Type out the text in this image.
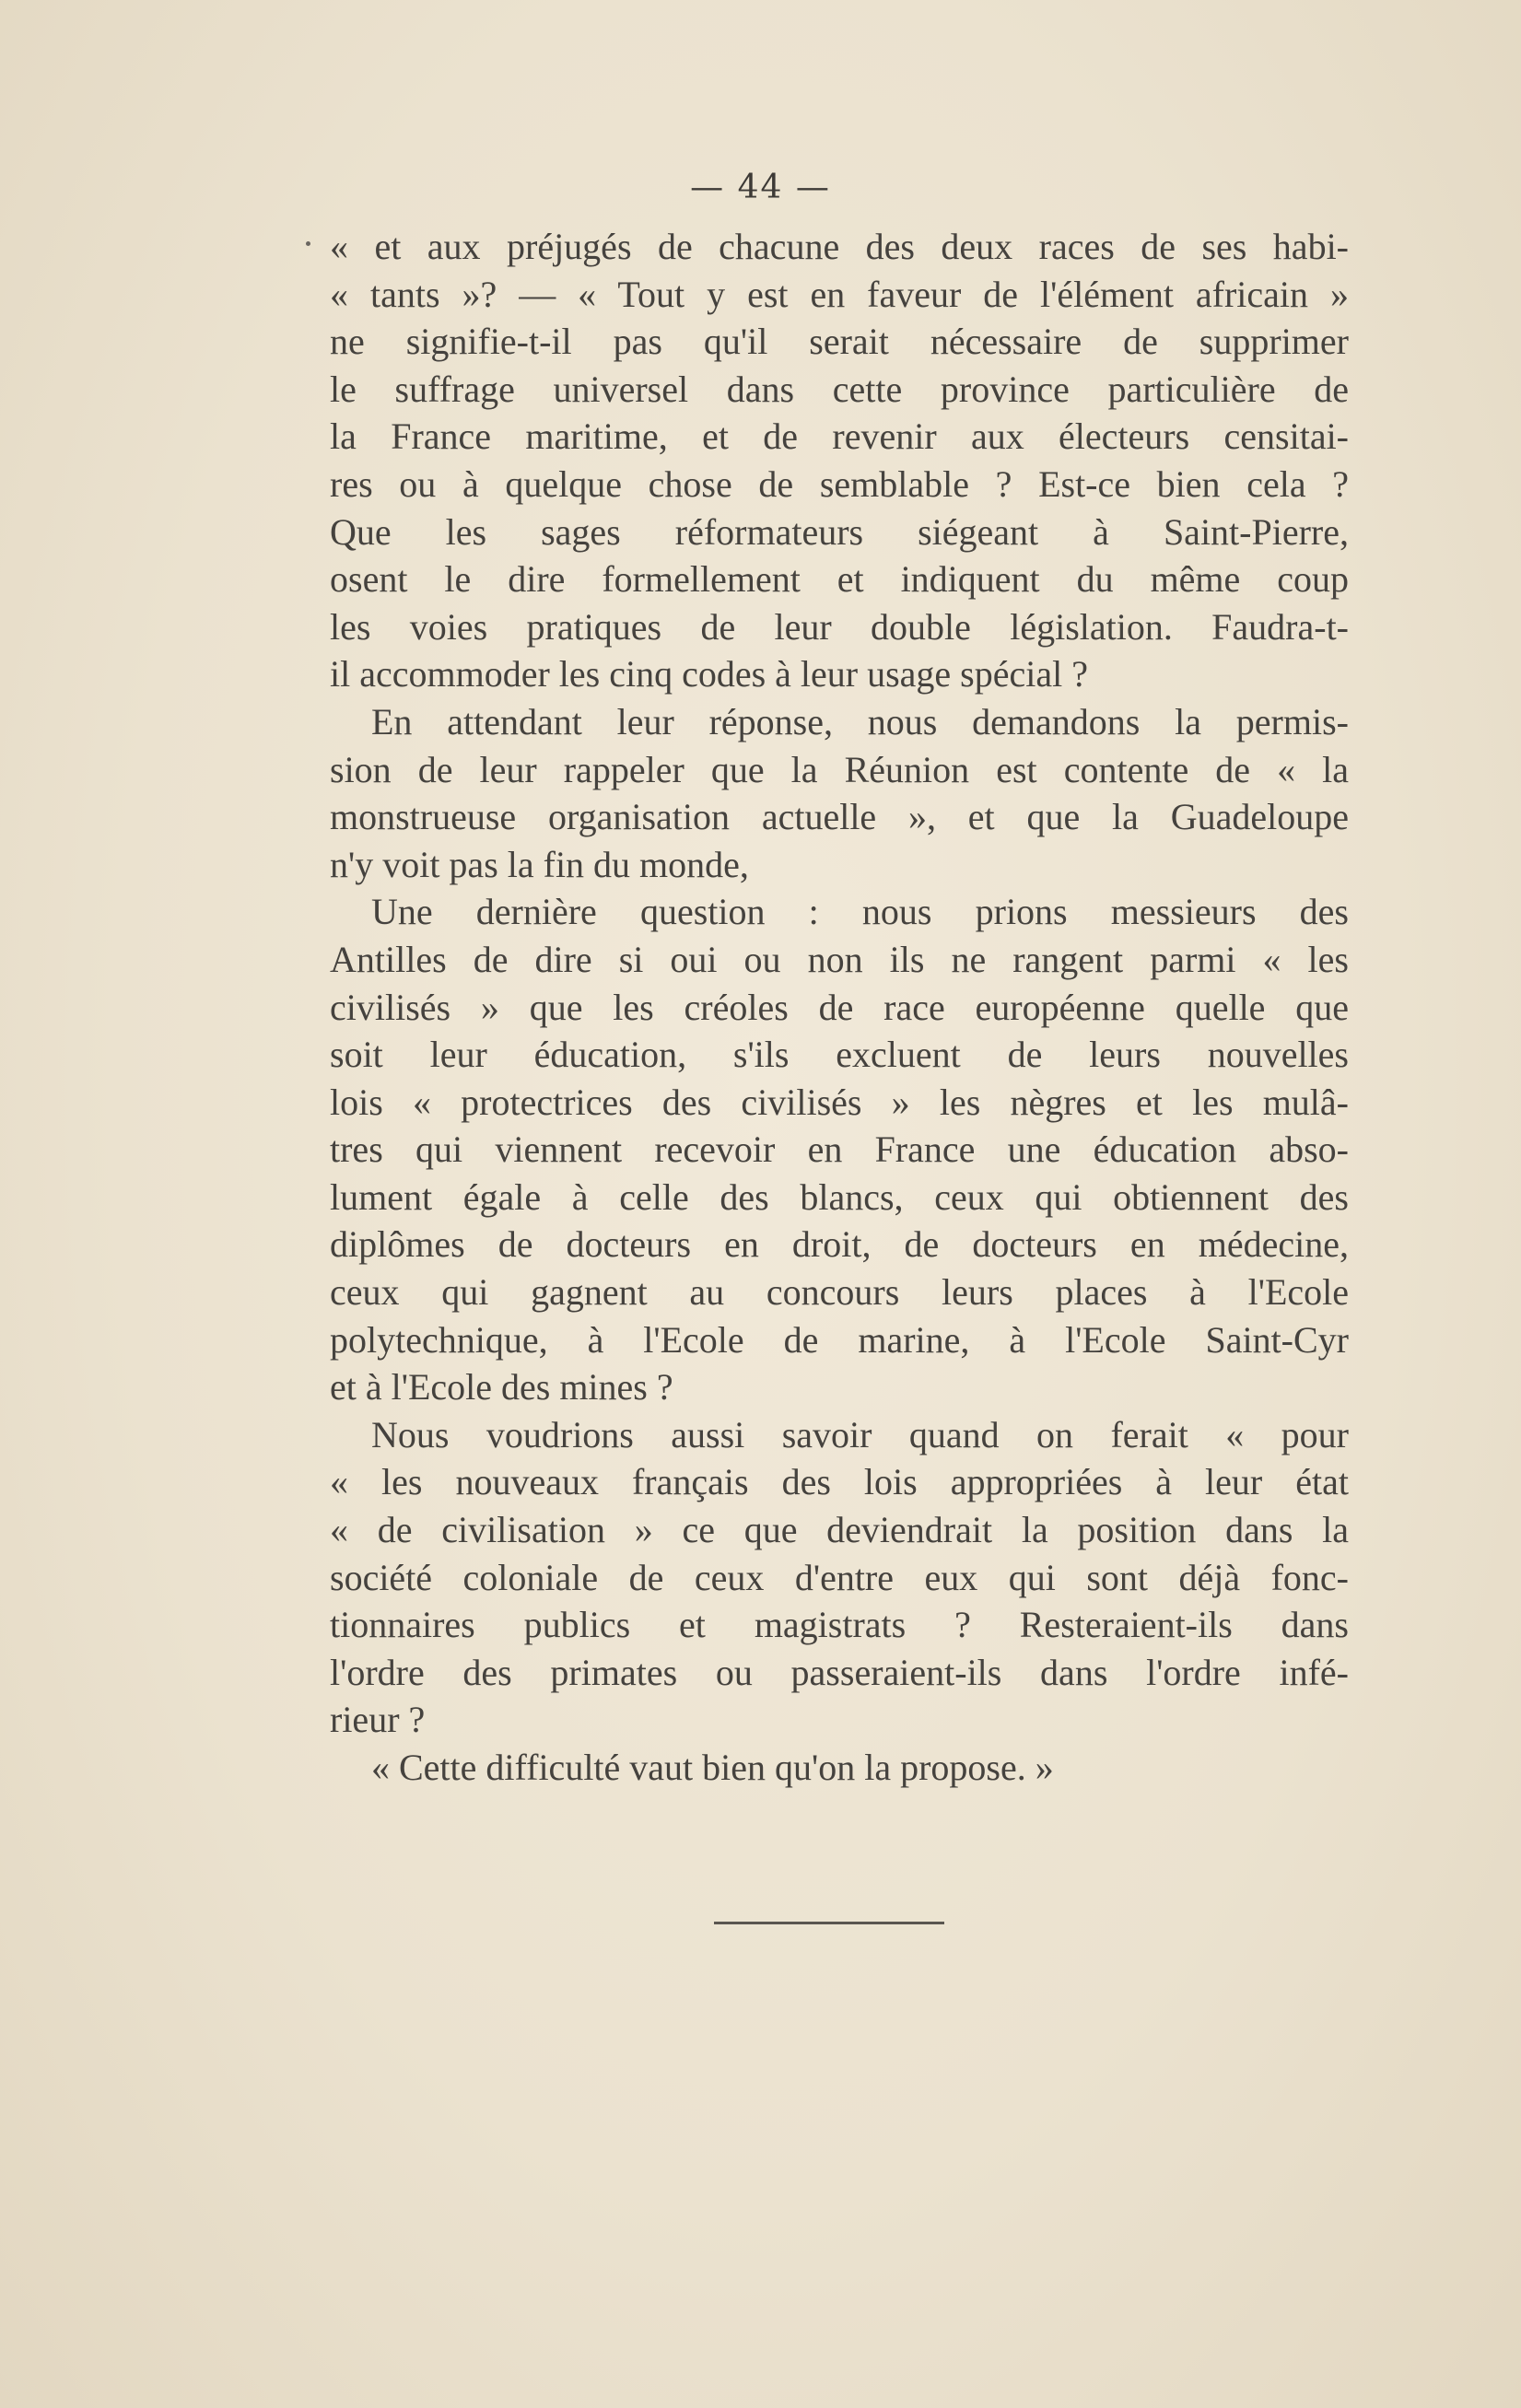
— 44 —
« et aux préjugés de chacune des deux races de ses habi-
« tants »? — « Tout y est en faveur de l'élément africain »
ne signifie-t-il pas qu'il serait nécessaire de supprimer
le suffrage universel dans cette province particulière de
la France maritime, et de revenir aux électeurs censitai-
res ou à quelque chose de semblable ? Est-ce bien cela ?
Que les sages réformateurs siégeant à Saint-Pierre,
osent le dire formellement et indiquent du même coup
les voies pratiques de leur double législation. Faudra-t-
il accommoder les cinq codes à leur usage spécial ?
En attendant leur réponse, nous demandons la permis-
sion de leur rappeler que la Réunion est contente de « la
monstrueuse organisation actuelle », et que la Guadeloupe
n'y voit pas la fin du monde,
Une dernière question : nous prions messieurs des
Antilles de dire si oui ou non ils ne rangent parmi « les
civilisés » que les créoles de race européenne quelle que
soit leur éducation, s'ils excluent de leurs nouvelles
lois « protectrices des civilisés » les nègres et les mulâ-
tres qui viennent recevoir en France une éducation abso-
lument égale à celle des blancs, ceux qui obtiennent des
diplômes de docteurs en droit, de docteurs en médecine,
ceux qui gagnent au concours leurs places à l'Ecole
polytechnique, à l'Ecole de marine, à l'Ecole Saint-Cyr
et à l'Ecole des mines ?
Nous voudrions aussi savoir quand on ferait « pour
« les nouveaux français des lois appropriées à leur état
« de civilisation » ce que deviendrait la position dans la
société coloniale de ceux d'entre eux qui sont déjà fonc-
tionnaires publics et magistrats ? Resteraient-ils dans
l'ordre des primates ou passeraient-ils dans l'ordre infé-
rieur ?
« Cette difficulté vaut bien qu'on la propose. »
